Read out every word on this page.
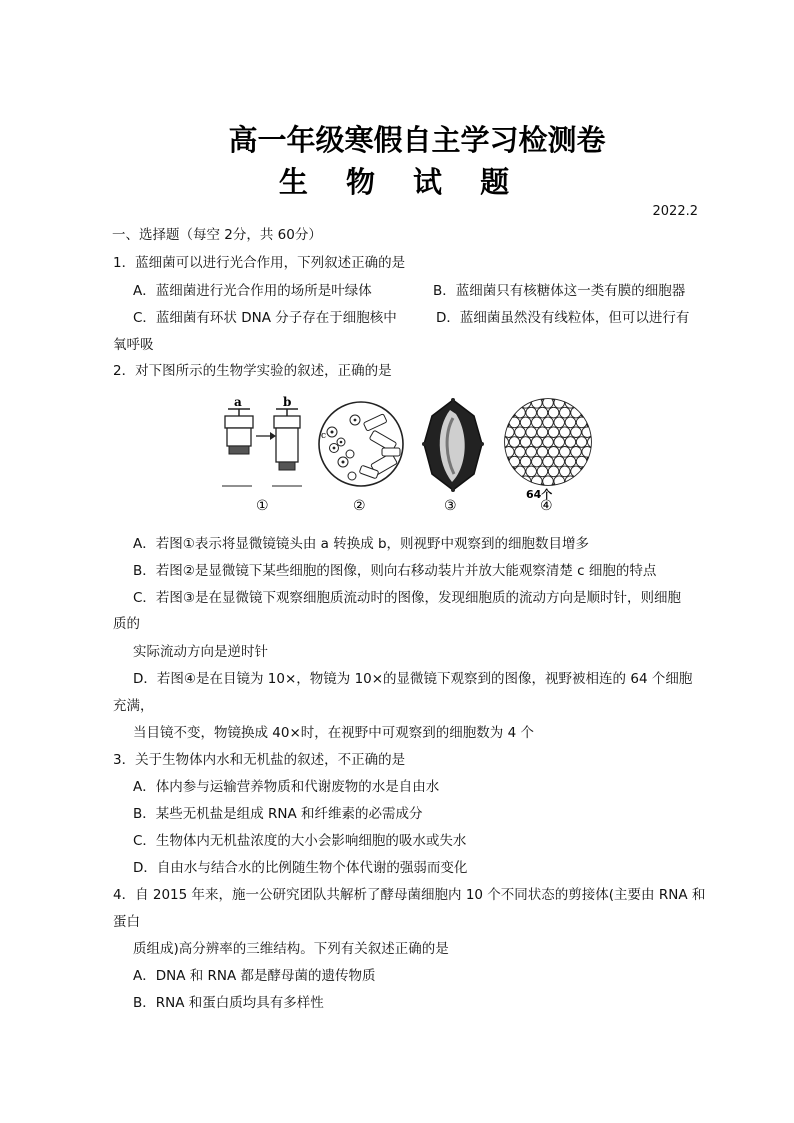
高一年级寒假自主学习检测卷
生 物 试 题
2022.2
一、选择题（每空 2分，共 60分）
1．蓝细菌可以进行光合作用，下列叙述正确的是
A．蓝细菌进行光合作用的场所是叶绿体	B．蓝细菌只有核糖体这一类有膜的细胞器
C．蓝细菌有环状 DNA 分子存在于细胞核中	D．蓝细菌虽然没有线粒体，但可以进行有
氧呼吸
2．对下图所示的生物学实验的叙述，正确的是
a	b
①
c
②	③
64个
④
A．若图①表示将显微镜镜头由 a 转换成 b，则视野中观察到的细胞数目增多
B．若图②是显微镜下某些细胞的图像，则向右移动装片并放大能观察清楚 c 细胞的特点
C．若图③是在显微镜下观察细胞质流动时的图像，发现细胞质的流动方向是顺时针，则细胞
质的
实际流动方向是逆时针
D．若图④是在目镜为 10×，物镜为 10×的显微镜下观察到的图像，视野被相连的 64 个细胞
充满，
当目镜不变，物镜换成 40×时，在视野中可观察到的细胞数为 4 个
3．关于生物体内水和无机盐的叙述，不正确的是
A．体内参与运输营养物质和代谢废物的水是自由水
B．某些无机盐是组成 RNA 和纤维素的必需成分
C．生物体内无机盐浓度的大小会影响细胞的吸水或失水
D．自由水与结合水的比例随生物个体代谢的强弱而变化
4．自 2015 年来，施一公研究团队共解析了酵母菌细胞内 10 个不同状态的剪接体(主要由 RNA 和
蛋白
质组成)高分辨率的三维结构。下列有关叙述正确的是
A．DNA 和 RNA 都是酵母菌的遗传物质
B．RNA 和蛋白质均具有多样性
